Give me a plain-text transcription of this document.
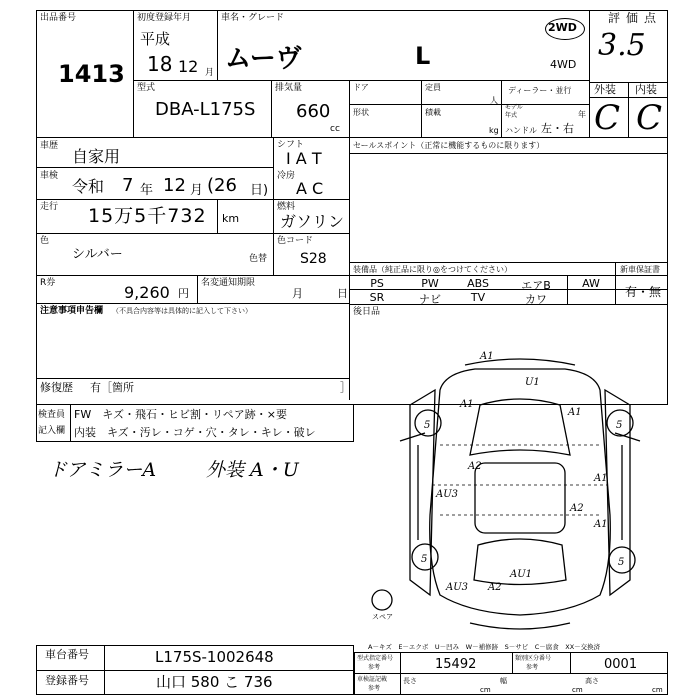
出品番号
1413
初度登録年月
平成
18 12 月
車名・グレード
ムーヴ	L
2WD
4WD
評価点
3.5
外装 内装
C C
型式
DBA-L175S
排気量
660
cc
ドア
形状
定員
積載
人
kg
ディーラー・並行
モデル年式	年
ハンドル 左・右
車歴
自家用
車検
令和 7 年 12 月 (26 日)
走行 15万5千732 km
シフト
I A T
冷房
A C
燃料
ガソリン
色
シルバー	色替
色コード
S28
R券	9,260 円
名変通知期限
月	日
注意事項申告欄 （不具合内容等は具体的に記入して下さい）
修復歴 有［箇所	］
セールスポイント（正常に機能するものに限ります）
装備品（純正品に限り◎をつけてください）	新車保証書
有・無
PS	PW	ABS	エアB	AW
SR	ナビ	TV	カワ
後日品
検査員
記入欄
FW　キズ・飛石・ヒビ割・リペア跡・×要
内装　キズ・汚レ・コゲ・穴・タレ・キレ・破レ
ドアミラーA	外装 A・U
A1
U1
A1
A1
A2
A1
AU3
A2
AU1
A1
AU3 A2
5	5
5	5
スペア
A－キズ　E－エクボ　U－凹み　W－補修跡　S－サビ　C－腐食　XX－交換済
車台番号	L175S-1002648
登録番号	山口 580 こ 736
型式指定番号
参考	15492	類別区分番号
参考	0001
車検証記載
参考
長さ
cm
幅
cm
高さ
cm
